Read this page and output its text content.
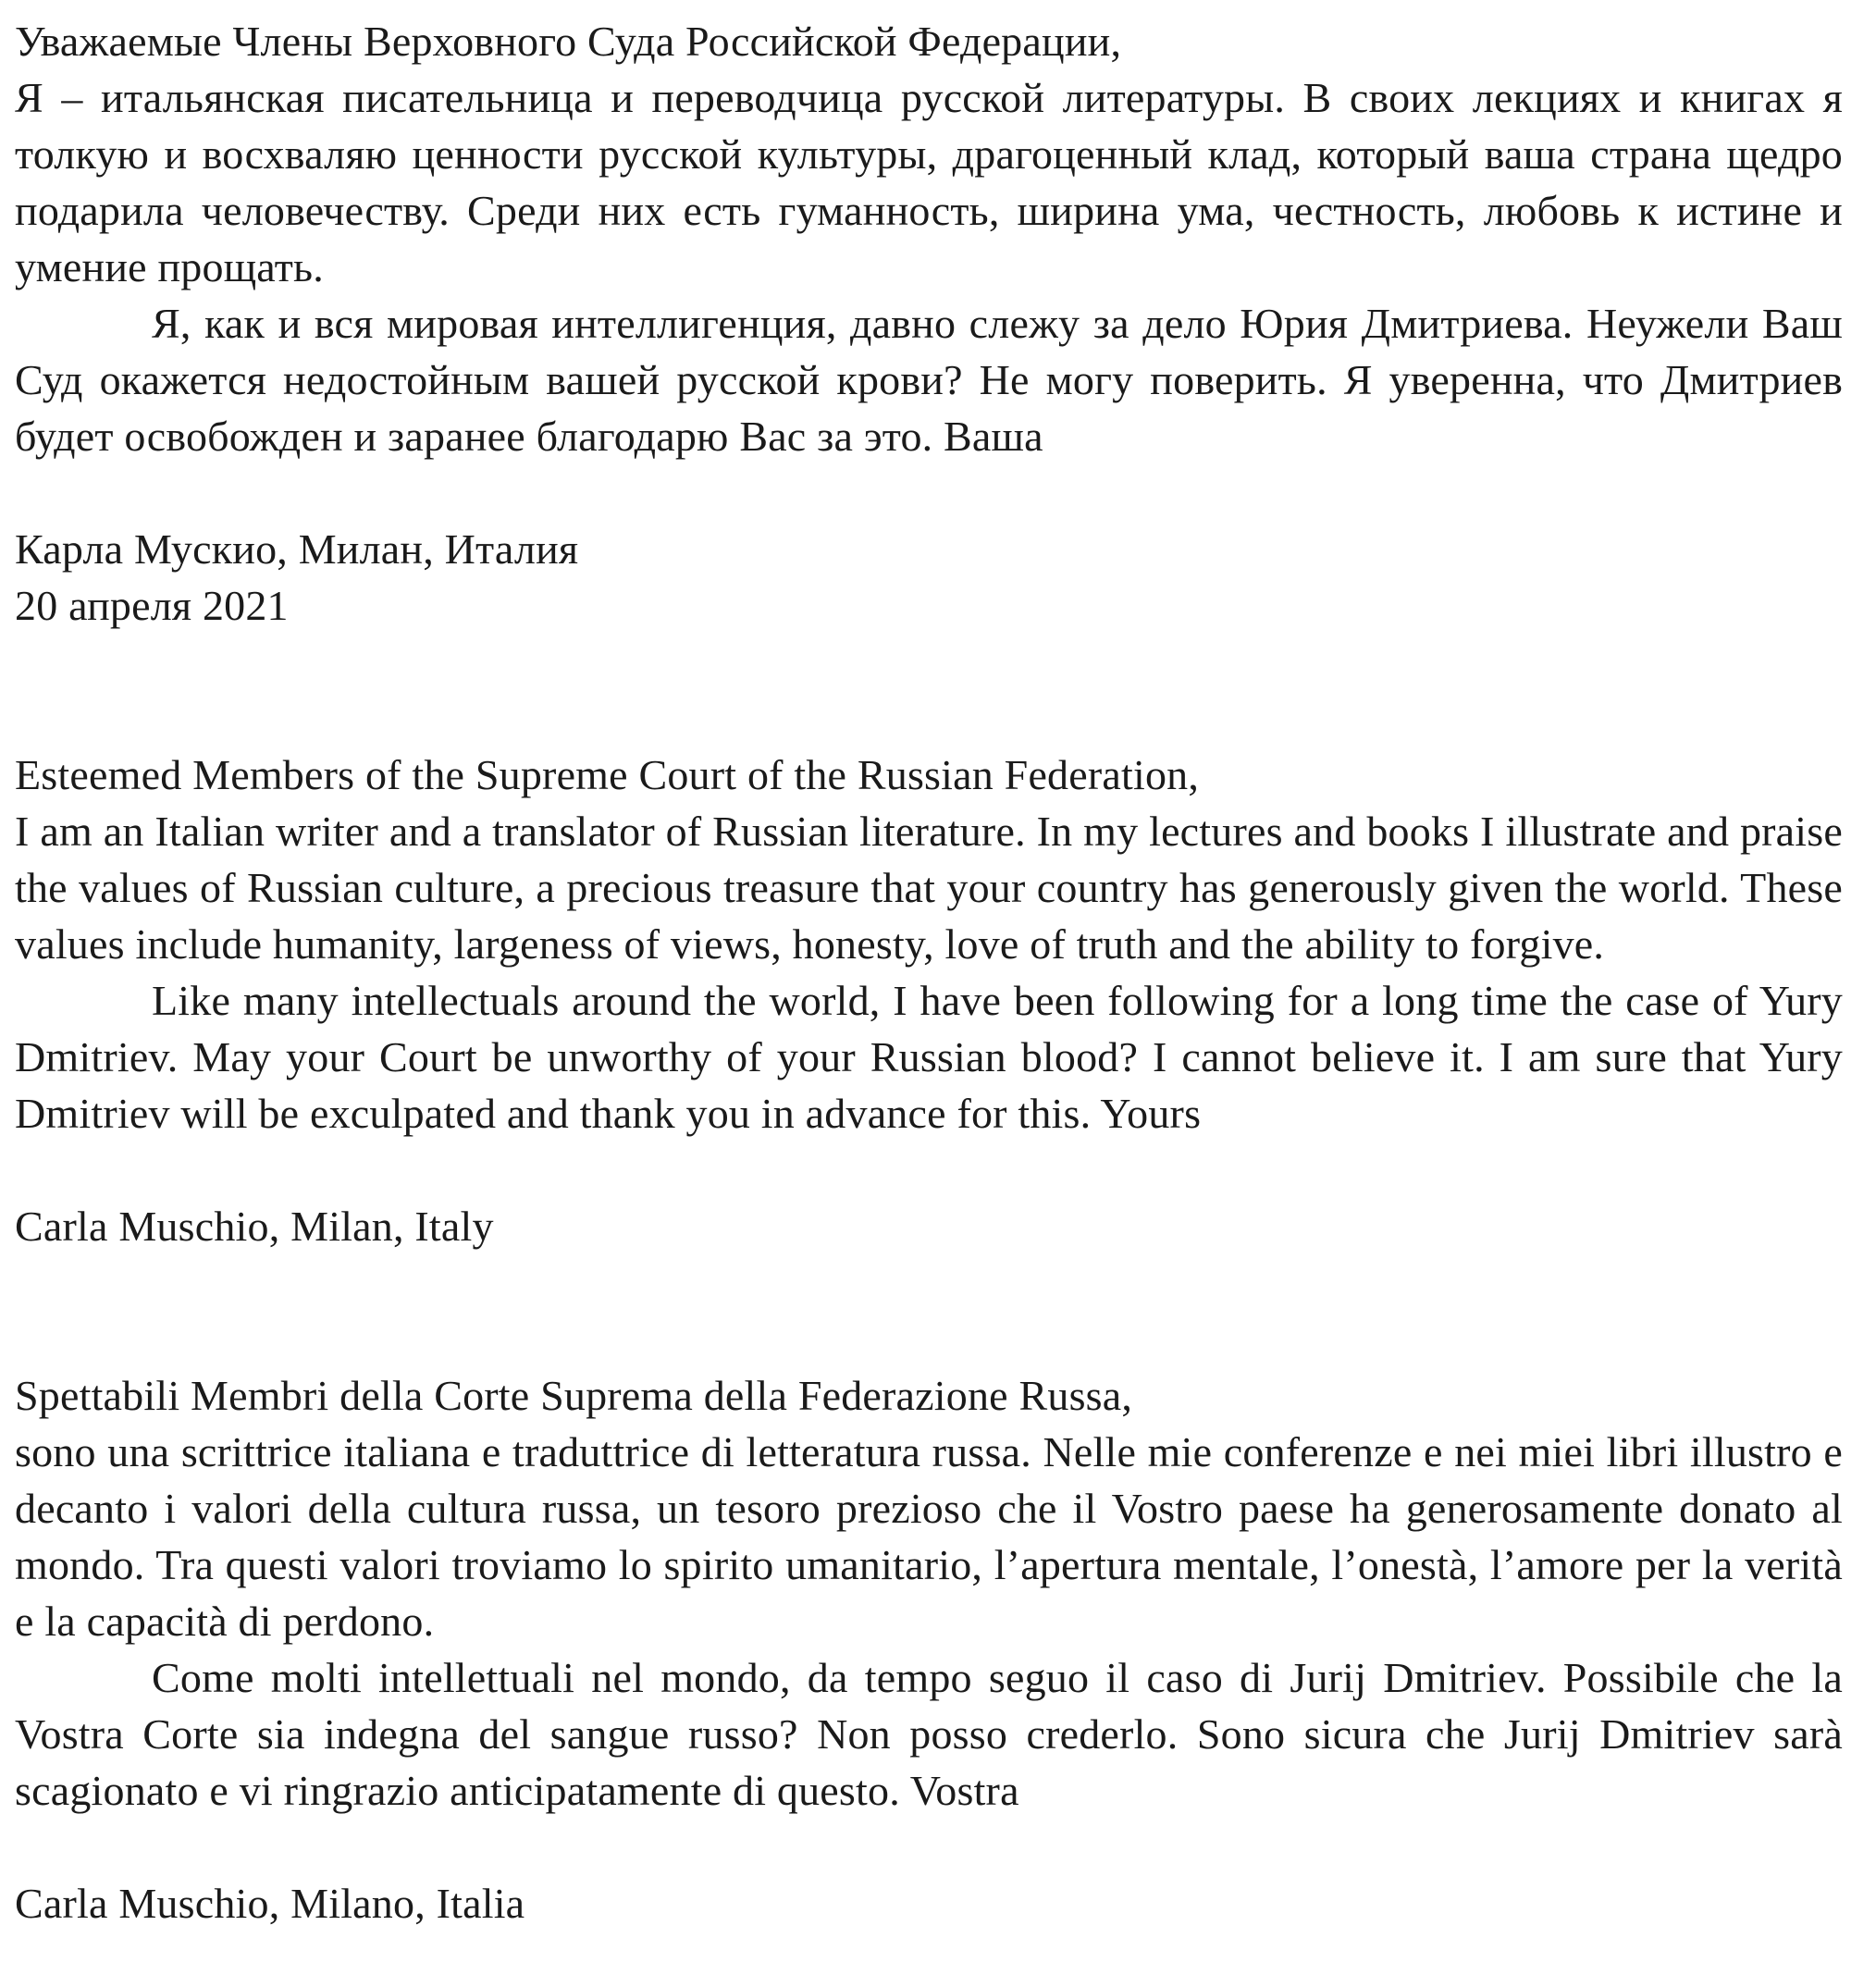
Уважаемые Члены Верховного Суда Российской Федерации,

Я – итальянская писательница и переводчица русской литературы. В своих лекциях и книгах я толкую и восхваляю ценности русской культуры, драгоценный клад, который ваша страна щедро подарила человечеству. Среди них есть гуманность, ширина ума, честность, любовь к истине и умение прощать.

Я, как и вся мировая интеллигенция, давно слежу за дело Юрия Дмитриева. Неужели Ваш Суд окажется недостойным вашей русской крови? Не могу поверить. Я уверенна, что Дмитриев будет освобожден и заранее благодарю Вас за это. Ваша

Карла Мускио, Милан, Италия

20 апреля 2021

Esteemed Members of the Supreme Court of the Russian Federation,

I am an Italian writer and a translator of Russian literature. In my lectures and books I illustrate and praise the values of Russian culture, a precious treasure that your country has generously given the world. These values include humanity, largeness of views, honesty, love of truth and the ability to forgive.

Like many intellectuals around the world, I have been following for a long time the case of Yury Dmitriev. May your Court be unworthy of your Russian blood? I cannot believe it. I am sure that Yury Dmitriev will be exculpated and thank you in advance for this. Yours

Carla Muschio, Milan, Italy

Spettabili Membri della Corte Suprema della Federazione Russa,

sono una scrittrice italiana e traduttrice di letteratura russa. Nelle mie conferenze e nei miei libri illustro e decanto i valori della cultura russa, un tesoro prezioso che il Vostro paese ha generosamente donato al mondo. Tra questi valori troviamo lo spirito umanitario, l’apertura mentale, l’onestà, l’amore per la verità e la capacità di perdono.

Come molti intellettuali nel mondo, da tempo seguo il caso di Jurij Dmitriev. Possibile che la Vostra Corte sia indegna del sangue russo? Non posso crederlo. Sono sicura che Jurij Dmitriev sarà scagionato e vi ringrazio anticipatamente di questo. Vostra

Carla Muschio, Milano, Italia
